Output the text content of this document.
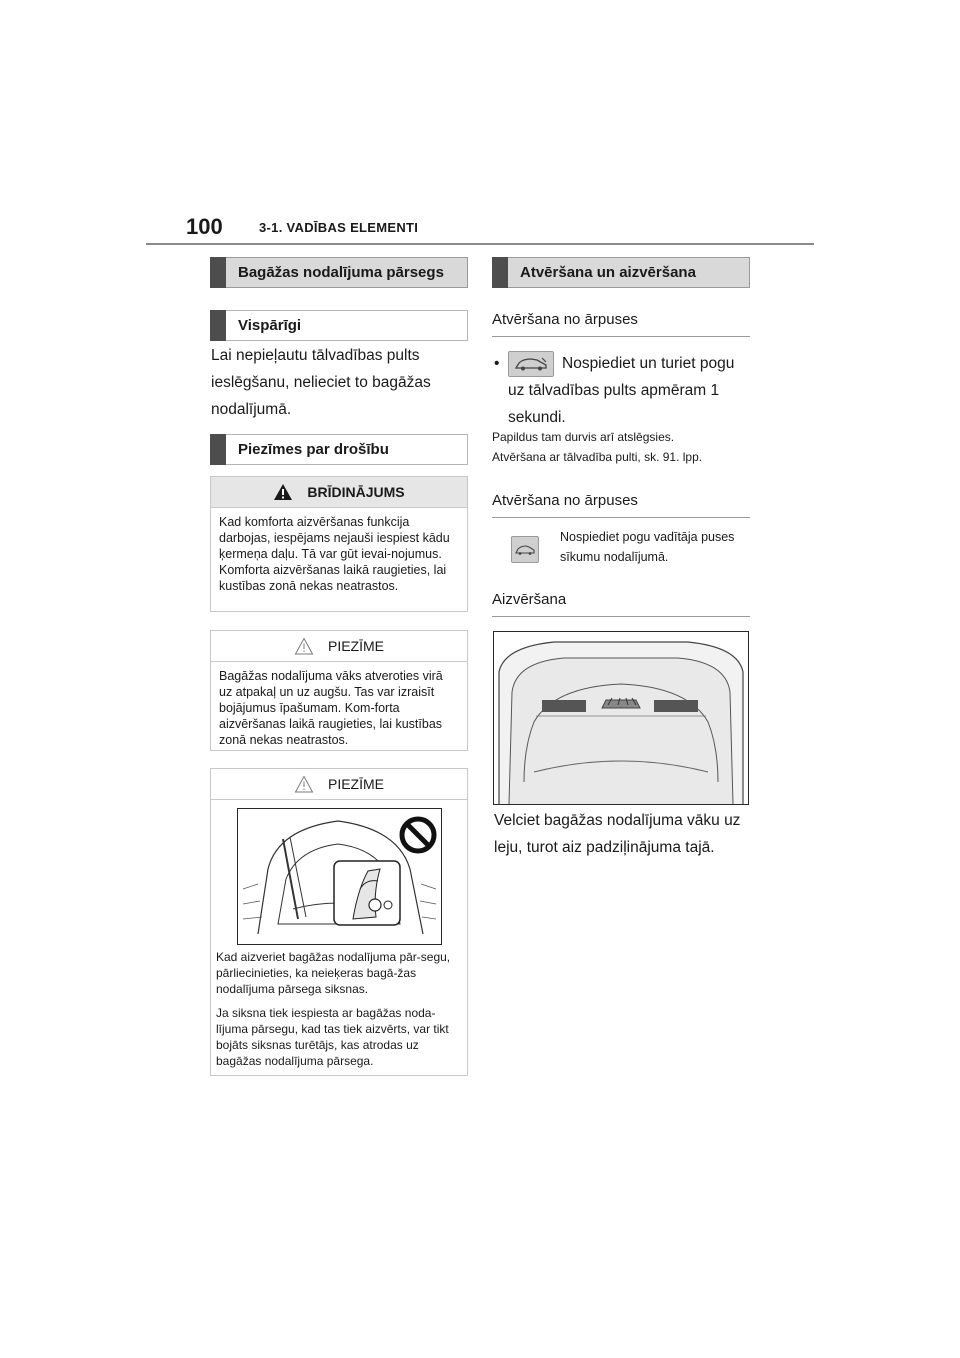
100	3-1. VADĪBAS ELEMENTI
Bagāžas nodalījuma pārsegs
Vispārīgi
Lai nepieļautu tālvadības pults ieslēgšanu, nelieciet to bagāžas nodalījumā.
Piezīmes par drošību
BRĪDINĀJUMS
Kad komforta aizvēršanas funkcija darbojas, iespējams nejauši iespiest kādu ķermeņa daļu. Tā var gūt ievai-nojumus. Komforta aizvēršanas laikā raugieties, lai kustības zonā nekas neatrastos.
PIEZĪME
Bagāžas nodalījuma vāks atveroties virā uz atpakaļ un uz augšu. Tas var izraisīt bojājumus īpašumam. Kom-forta aizvēršanas laikā raugieties, lai kustības zonā nekas neatrastos.
PIEZĪME
Kad aizveriet bagāžas nodalījuma pār-segu, pārliecinieties, ka neieķeras bagā-žas nodalījuma pārsega siksnas.
Ja siksna tiek iespiesta ar bagāžas noda-lījuma pārsegu, kad tas tiek aizvērts, var tikt bojāts siksnas turētājs, kas atrodas uz bagāžas nodalījuma pārsega.
Atvēršana un aizvēršana
Atvēršana no ārpuses
•	Nospiediet un turiet pogu
uz tālvadības pults apmēram 1 sekundi.
Papildus tam durvis arī atslēgsies.
Atvēršana ar tālvadība pulti, sk. 91. lpp.
Atvēršana no ārpuses
Nospiediet pogu vadītāja puses sīkumu nodalījumā.
Aizvēršana
Velciet bagāžas nodalījuma vāku uz leju, turot aiz padziļinājuma tajā.
